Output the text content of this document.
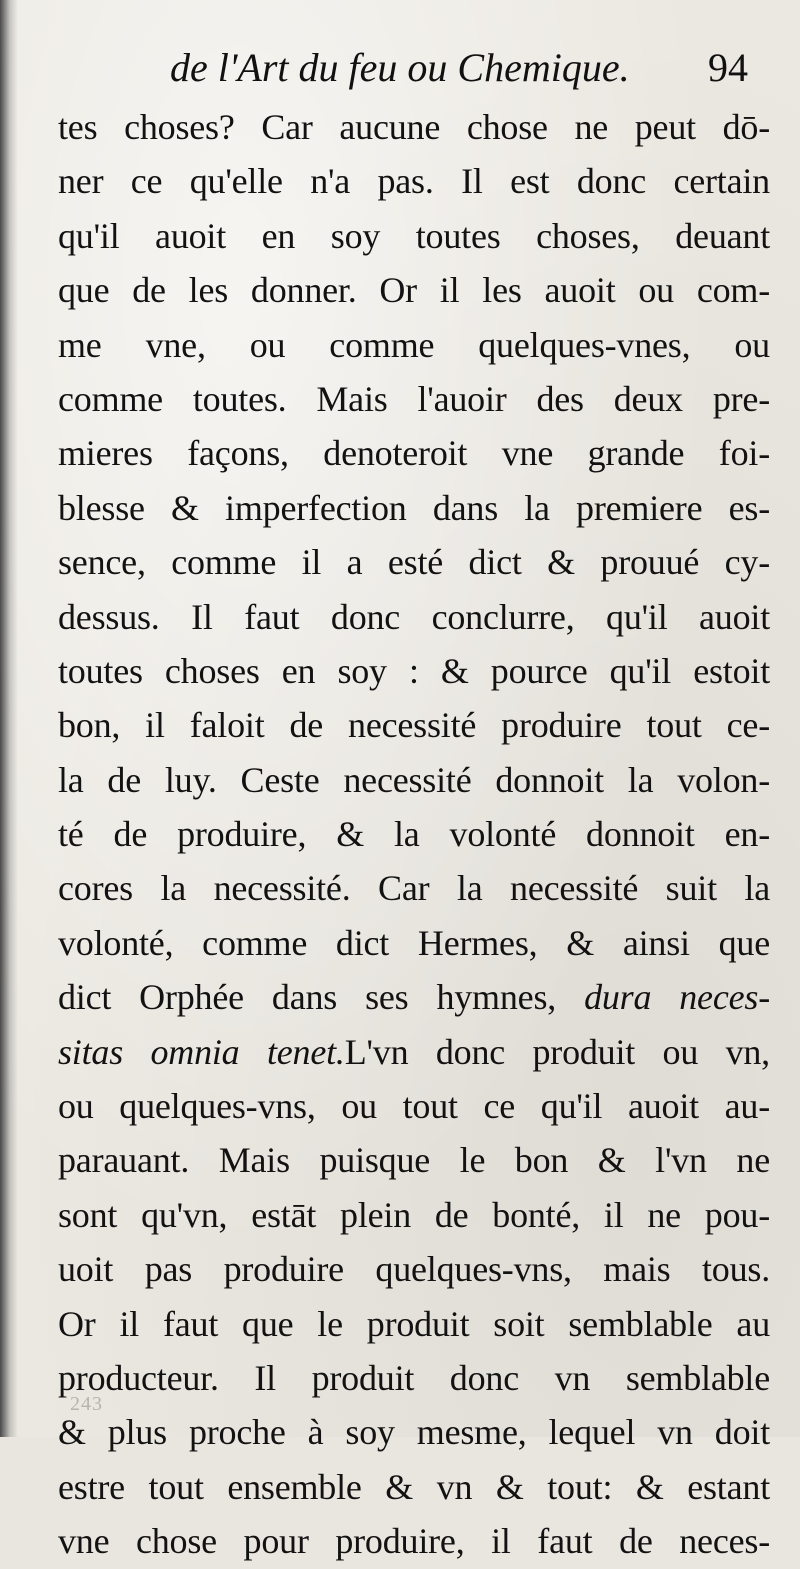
de l'Art du feu ou Chemique. 94
tes choses? Car aucune chose ne peut dō-
ner ce qu'elle n'a pas. Il est donc certain
qu'il auoit en soy toutes choses, deuant
que de les donner. Or il les auoit ou com-
me vne, ou comme quelques-vnes, ou
comme toutes. Mais l'auoir des deux pre-
mieres façons, denoteroit vne grande foi-
blesse & imperfection dans la premiere es-
sence, comme il a esté dict & prouué cy-
dessus. Il faut donc conclurre, qu'il auoit
toutes choses en soy : & pource qu'il estoit
bon, il faloit de necessité produire tout ce-
la de luy. Ceste necessité donnoit la volon-
té de produire, & la volonté donnoit en-
cores la necessité. Car la necessité suit la
volonté, comme dict Hermes, & ainsi que
dict Orphée dans ses hymnes, dura neces-
sitas omnia tenet.L'vn donc produit ou vn,
ou quelques-vns, ou tout ce qu'il auoit au-
parauant. Mais puisque le bon & l'vn ne
sont qu'vn, estāt plein de bonté, il ne pou-
uoit pas produire quelques-vns, mais tous.
Or il faut que le produit soit semblable au
producteur. Il produit donc vn semblable
& plus proche à soy mesme, lequel vn doit
estre tout ensemble & vn & tout: & estant
vne chose pour produire, il faut de neces-
243
